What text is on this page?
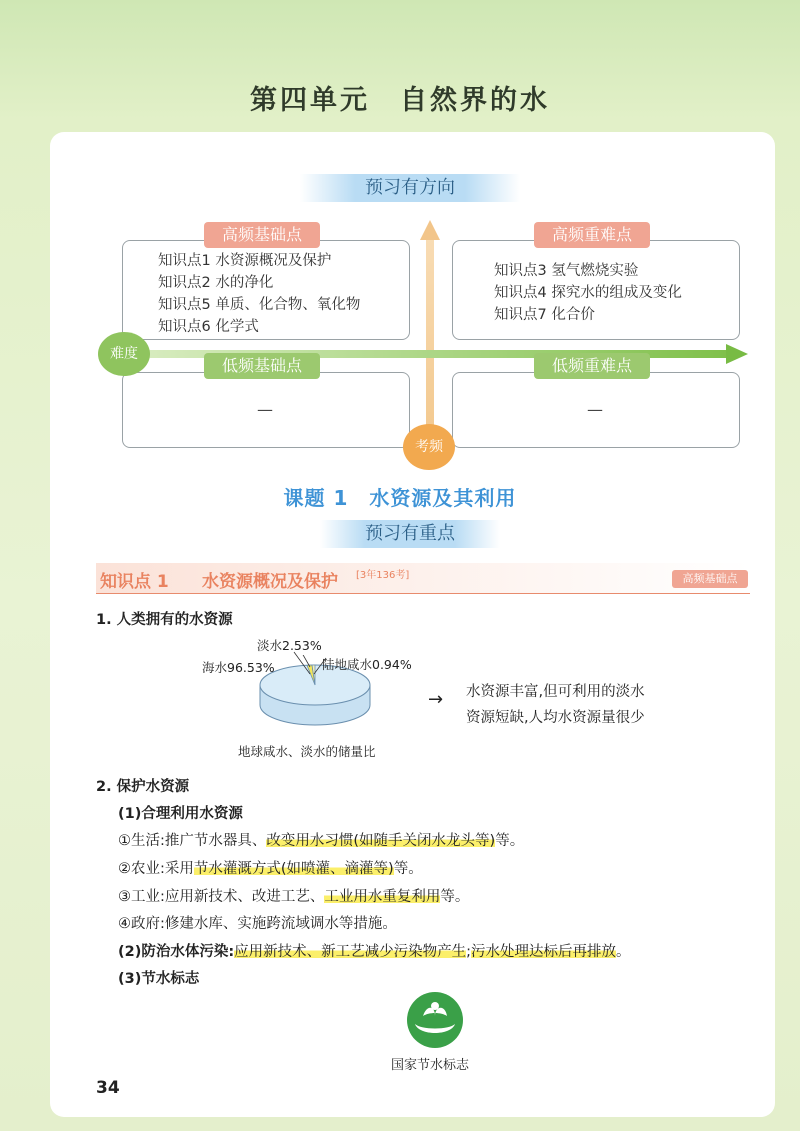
第四单元　自然界的水
预习有方向
高频基础点
知识点1 水资源概况及保护
知识点2 水的净化
知识点5 单质、化合物、氧化物
知识点6 化学式
高频重难点
知识点3 氢气燃烧实验
知识点4 探究水的组成及变化
知识点7 化合价
低频基础点
—
低频重难点
—
难度
考频
课题 1　水资源及其利用
预习有重点
知识点 1 水资源概况及保护 [3年136考]	高频基础点
1. 人类拥有的水资源
淡水2.53%
海水96.53%	陆地咸水0.94%
地球咸水、淡水的储量比
→ 水资源丰富,但可利用的淡水
资源短缺,人均水资源量很少
2. 保护水资源
(1)合理利用水资源
①生活:推广节水器具、改变用水习惯(如随手关闭水龙头等)等。
②农业:采用节水灌溉方式(如喷灌、滴灌等)等。
③工业:应用新技术、改进工艺、工业用水重复利用等。
④政府:修建水库、实施跨流域调水等措施。
(2)防治水体污染:应用新技术、新工艺减少污染物产生;污水处理达标后再排放。
(3)节水标志
国家节水标志
34
